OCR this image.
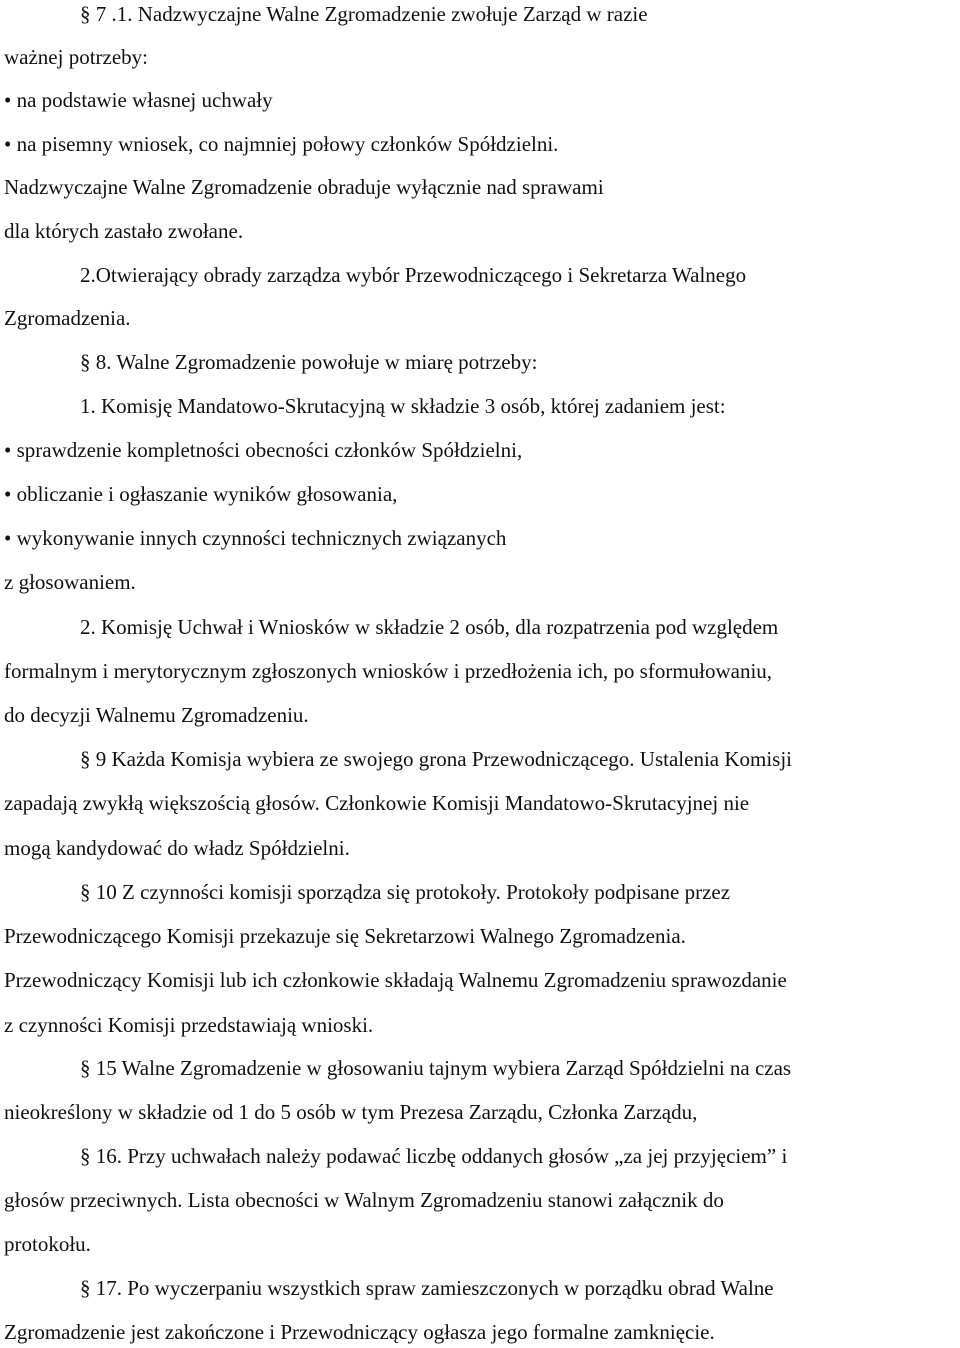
§ 7 .1. Nadzwyczajne Walne Zgromadzenie zwołuje Zarząd w razie
ważnej potrzeby:
• na podstawie własnej uchwały
• na pisemny wniosek, co najmniej połowy członków Spółdzielni.
Nadzwyczajne Walne Zgromadzenie obraduje wyłącznie nad sprawami
dla których zastało zwołane.
2.Otwierający obrady zarządza wybór Przewodniczącego i Sekretarza Walnego
Zgromadzenia.
§ 8. Walne Zgromadzenie powołuje w miarę potrzeby:
1. Komisję Mandatowo-Skrutacyjną w składzie 3 osób, której zadaniem jest:
• sprawdzenie kompletności obecności członków Spółdzielni,
• obliczanie i ogłaszanie wyników głosowania,
• wykonywanie innych czynności technicznych związanych
z głosowaniem.
2. Komisję Uchwał i Wniosków w składzie 2 osób, dla rozpatrzenia pod względem
formalnym i merytorycznym zgłoszonych wniosków i przedłożenia ich, po sformułowaniu,
do decyzji Walnemu Zgromadzeniu.
§ 9 Każda Komisja wybiera ze swojego grona Przewodniczącego. Ustalenia Komisji
zapadają zwykłą większością głosów. Członkowie Komisji Mandatowo-Skrutacyjnej nie
mogą kandydować do władz Spółdzielni.
§ 10 Z czynności komisji sporządza się protokoły. Protokoły podpisane przez
Przewodniczącego Komisji przekazuje się Sekretarzowi Walnego Zgromadzenia.
Przewodniczący Komisji lub ich członkowie składają Walnemu Zgromadzeniu sprawozdanie
z czynności Komisji przedstawiają wnioski.
§ 15 Walne Zgromadzenie w głosowaniu tajnym wybiera Zarząd Spółdzielni na czas
nieokreślony w składzie od 1 do 5 osób w tym Prezesa Zarządu, Członka Zarządu,
§ 16. Przy uchwałach należy podawać liczbę oddanych głosów „za jej przyjęciem” i
głosów przeciwnych. Lista obecności w Walnym Zgromadzeniu stanowi załącznik do
protokołu.
§ 17. Po wyczerpaniu wszystkich spraw zamieszczonych w porządku obrad Walne
Zgromadzenie jest zakończone i Przewodniczący ogłasza jego formalne zamknięcie.
